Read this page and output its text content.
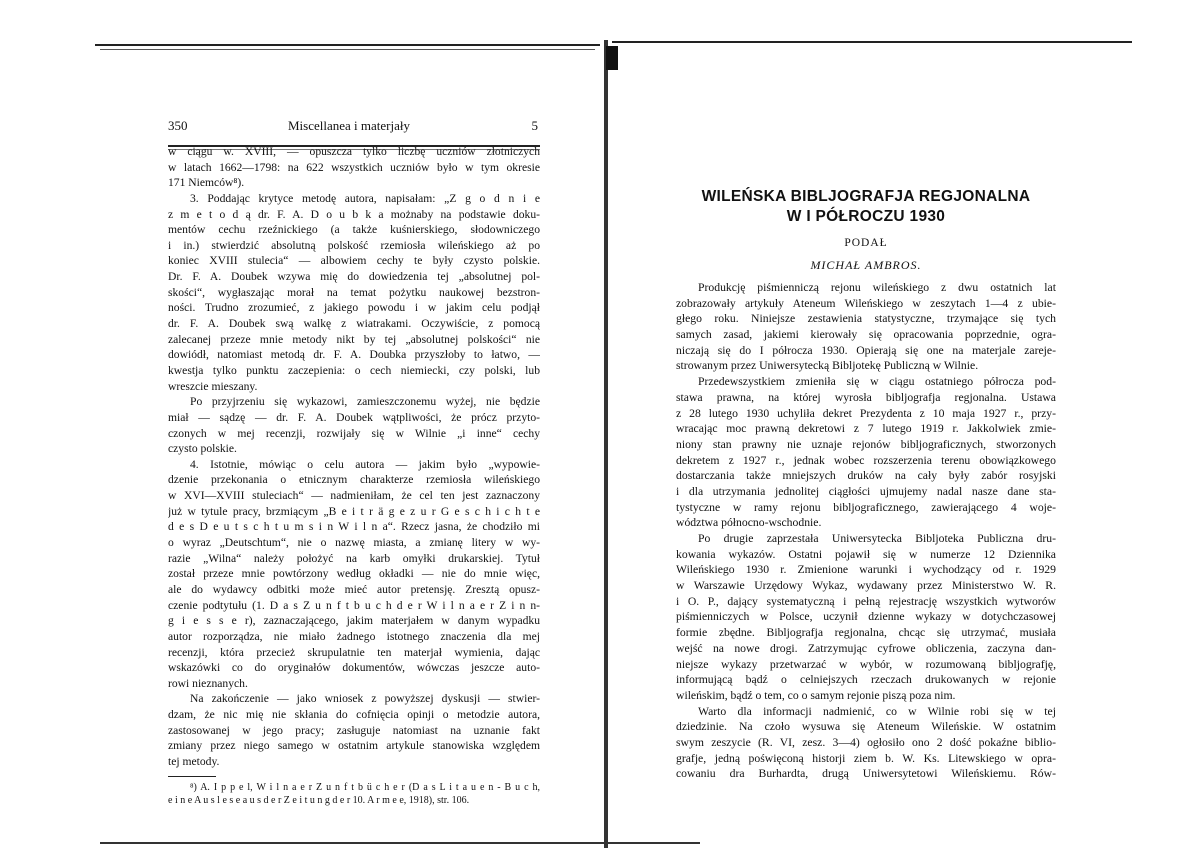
350	Miscellanea i materjały	5
w ciągu w. XVIII, — opuszcza tylko liczbę uczniów złotniczych
w latach 1662—1798: na 622 wszystkich uczniów było w tym okresie
171 Niemców⁸).
3. Poddając krytyce metodę autora, napisałam: „Z g o d n i e
z m e t o d ą dr. F. A. D o u b k a możnaby na podstawie doku-
mentów cechu rzeźnickiego (a także kuśnierskiego, słodowniczego
i in.) stwierdzić absolutną polskość rzemiosła wileńskiego aż po
koniec XVIII stulecia“ — albowiem cechy te były czysto polskie.
Dr. F. A. Doubek wzywa mię do dowiedzenia tej „absolutnej pol-
skości“, wygłaszając morał na temat pożytku naukowej bezstron-
ności. Trudno zrozumieć, z jakiego powodu i w jakim celu podjął
dr. F. A. Doubek swą walkę z wiatrakami. Oczywiście, z pomocą
zalecanej przeze mnie metody nikt by tej „absolutnej polskości“ nie
dowiódł, natomiast metodą dr. F. A. Doubka przyszłoby to łatwo, —
kwestja tylko punktu zaczepienia: o cech niemiecki, czy polski, lub
wreszcie mieszany.
Po przyjrzeniu się wykazowi, zamieszczonemu wyżej, nie będzie
miał — sądzę — dr. F. A. Doubek wątpliwości, że prócz przyto-
czonych w mej recenzji, rozwijały się w Wilnie „i inne“ cechy
czysto polskie.
4. Istotnie, mówiąc o celu autora — jakim było „wypowie-
dzenie przekonania o etnicznym charakterze rzemiosła wileńskiego
w XVI—XVIII stuleciach“ — nadmieniłam, że cel ten jest zaznaczony
już w tytule pracy, brzmiącym „B e i t r ä g e z u r G e s c h i c h t e
d e s D e u t s c h t u m s i n W i l n a“. Rzecz jasna, że chodziło mi
o wyraz „Deutschtum“, nie o nazwę miasta, a zmianę litery w wy-
razie „Wilna“ należy położyć na karb omyłki drukarskiej. Tytuł
został przeze mnie powtórzony według okładki — nie do mnie więc,
ale do wydawcy odbitki może mieć autor pretensję. Zresztą opusz-
czenie podtytułu (1. D a s Z u n f t b u c h d e r W i l n a e r Z i n n-
g i e s s e r), zaznaczającego, jakim materjałem w danym wypadku
autor rozporządza, nie miało żadnego istotnego znaczenia dla mej
recenzji, która przecież skrupulatnie ten materjał wymienia, dając
wskazówki co do oryginałów dokumentów, wówczas jeszcze auto-
rowi nieznanych.
Na zakończenie — jako wniosek z powyższej dyskusji — stwier-
dzam, że nic mię nie skłania do cofnięcia opinji o metodzie autora,
zastosowanej w jego pracy; zasługuje natomiast na uznanie fakt
zmiany przez niego samego w ostatnim artykule stanowiska względem
tej metody.
⁸) A. I p p e l, W i l n a e r Z u n f t b ü c h e r (D a s L i t a u e n - B u c h,
e i n e A u s l e s e a u s d e r Z e i t u n g d e r 10. A r m e e, 1918), str. 106.
WILEŃSKA BIBLJOGRAFJA REGJONALNA
W I PÓŁROCZU 1930
PODAŁ
MICHAŁ AMBROS.
Produkcję piśmienniczą rejonu wileńskiego z dwu ostatnich lat
zobrazowały artykuły Ateneum Wileńskiego w zeszytach 1—4 z ubie-
głego roku. Niniejsze zestawienia statystyczne, trzymające się tych
samych zasad, jakiemi kierowały się opracowania poprzednie, ogra-
niczają się do I półrocza 1930. Opierają się one na materjale zareje-
strowanym przez Uniwersytecką Bibljotekę Publiczną w Wilnie.
Przedewszystkiem zmieniła się w ciągu ostatniego półrocza pod-
stawa prawna, na której wyrosła bibljografja regjonalna. Ustawa
z 28 lutego 1930 uchyliła dekret Prezydenta z 10 maja 1927 r., przy-
wracając moc prawną dekretowi z 7 lutego 1919 r. Jakkolwiek zmie-
niony stan prawny nie uznaje rejonów bibljograficznych, stworzonych
dekretem z 1927 r., jednak wobec rozszerzenia terenu obowiązkowego
dostarczania także mniejszych druków na cały były zabór rosyjski
i dla utrzymania jednolitej ciągłości ujmujemy nadal nasze dane sta-
tystyczne w ramy rejonu bibljograficznego, zawierającego 4 woje-
wództwa północno-wschodnie.
Po drugie zaprzestała Uniwersytecka Bibljoteka Publiczna dru-
kowania wykazów. Ostatni pojawił się w numerze 12 Dziennika
Wileńskiego 1930 r. Zmienione warunki i wychodzący od r. 1929
w Warszawie Urzędowy Wykaz, wydawany przez Ministerstwo W. R.
i O. P., dający systematyczną i pełną rejestrację wszystkich wytworów
piśmienniczych w Polsce, uczynił dzienne wykazy w dotychczasowej
formie zbędne. Bibljografja regjonalna, chcąc się utrzymać, musiała
wejść na nowe drogi. Zatrzymując cyfrowe obliczenia, zaczyna dan-
niejsze wykazy przetwarzać w wybór, w rozumowaną bibljografję,
informującą bądź o celniejszych rzeczach drukowanych w rejonie
wileńskim, bądź o tem, co o samym rejonie piszą poza nim.
Warto dla informacji nadmienić, co w Wilnie robi się w tej
dziedzinie. Na czoło wysuwa się Ateneum Wileńskie. W ostatnim
swym zeszycie (R. VI, zesz. 3—4) ogłosiło ono 2 dość pokaźne biblio-
grafje, jedną poświęconą historji ziem b. W. Ks. Litewskiego w opra-
cowaniu dra Burhardta, drugą Uniwersytetowi Wileńskiemu. Rów-
